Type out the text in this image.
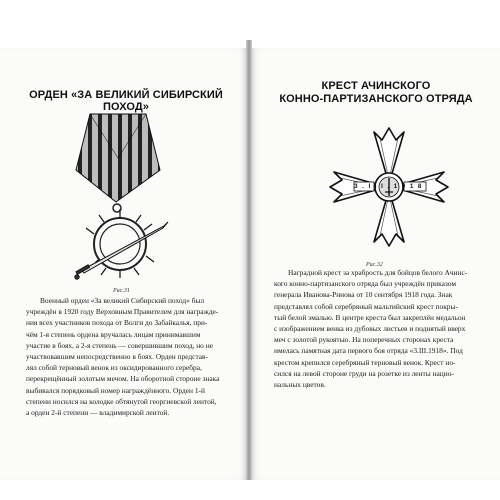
ОРДЕН «ЗА ВЕЛИКИЙ СИБИРСКИЙ ПОХОД»
Рис.31
Военный орден «За великий Сибирский поход» был
учреждён в 1920 году Верховным Правителем для награжде-
ния всех участников похода от Волги до Забайкалья, при-
чём 1-я степень ордена вручалась лицам принимавшим
участие в боях, а 2-я степень — совершившим поход, но не
участвовавшим непосредственно в боях. Орден представ-
лял собой терновый венок из оксидированного серебра,
перекрещённый золотым мечом. На оборотной стороне знака
выбивался порядковый номер награждённого. Орден 1-й
степени носился на колодке обтянутой георгиевской лентой,
а орден 2-й степени — владимирской лентой.
КРЕСТ АЧИНСКОГО
КОННО-ПАРТИЗАНСКОГО ОТРЯДА
3.III.1918
Рис.32
Наградной крест за храбрость для бойцов белого Ачинс-
кого конно-партизанского отряда был учреждён приказом
генерала Иванова-Ринова от 10 сентября 1918 года. Знак
представлял собой серебряный мальтийский крест покры-
тый белой эмалью. В центре креста был закреплён медальон
с изображением венка из дубовых листьев и поднятый вверх
меч с золотой рукоятью. На поперечных сторонах креста
имелась памятная дата первого боя отряда «3.III.1918». Под
крестом крепился серебряный терновый венок. Крест но-
сился на левой стороне груди на розетке из ленты нацио-
нальных цветов.
